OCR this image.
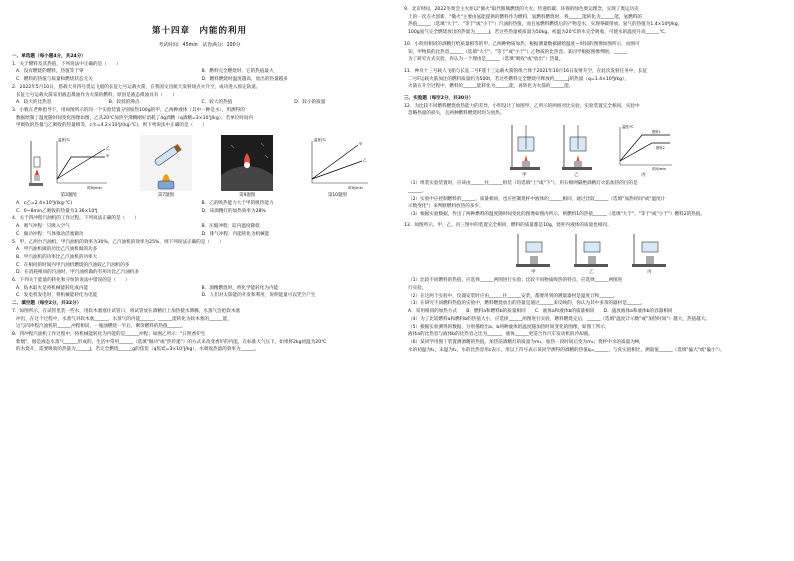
第十四章　内能的利用
考试时间：45min　试卷满分：100分
一、单选题（每小题4分，共24分）
1．关于燃料及其热值，下列说法中正确的是（　　）
A．没有燃烧的燃料，热值等于零	B．燃料完全燃烧时，它的热值最大
C．燃料的热值与质量和燃烧状态无关	D．燃料燃烧时温度越高，放出的热量越多
2．2022年5月10日，搭载天舟四号货运飞船的长征七号运载火箭，在我国文昌航天发射场点火升空，成功进入预定轨道。
长征七号运载火箭采用液态煤油作为火箭的燃料，原因是液态煤油具有（　　）
A．较大的比热容	B．较低的沸点	C．较大的热值	D．较小的质量
3．小帆在老师指导下，用如图所示的同一个实验装置分别加热100g的甲、乙两种液体（其中一种是水），用测得的
数据绘制了温度随时间变化图像如图，乙从20℃加热至沸腾刚好消耗了4g酒精（q酒精=3×10⁷J/kg）。若单位时间内
甲吸收的热量与乙吸收的热量相等，c水=4.2×10³J/(kg·℃)，则下列说法中正确的是（　　）
温度/℃
时间/min
甲
乙
第3题图	第7题图	第9题图
温度/℃
时间/min
甲
乙
第10题图
A．c乙=2.4×10³J/(kg·℃)	B．乙的吸热能力大于甲的吸热能力
C．0~8min乙吸收的热量为3.36×10⁴J	D．该酒精灯的加热效率为28%
4．关于四冲程汽油机的工作过程，下列说法正确的是（　　）
A．吸气冲程：只吸入空气	B．压缩冲程：缸内温度降低
C．做功冲程：气体推动活塞做功	D．排气冲程：内能转化为机械能
5．甲、乙两台汽油机，甲汽油机的效率为30%，乙汽油机的效率为25%，则下列说法正确的是（　　）
A．甲汽油机做的功比乙汽油机做的功多
B．甲汽油机的功率比乙汽油机的功率大
C．在相同的时间内甲汽油机燃烧的汽油较乙汽油机的多
D．在消耗相同的汽油时，甲汽油机做的有用功比乙汽油机多
6．下列关于能量的转化和守恒的说法中错误的是（　　）
A．钻木取火是将机械能转化成内能	B．酒精燃烧时，将化学能转化为内能
C．发电机发电时，将机械能转化为电能	D．人们对太阳能的开发和利用，说明能量可以凭空产生
二、填空题（每空2分，共32分）
7．如图所示，在试管里装一些水，用软木塞塞住试管口，将试管放在酒精灯上加热使水沸腾，水蒸气会把软木塞
冲出，在这个过程中，水蒸气对软木塞______，水蒸气的内能______，______能转化为软木塞的______能，
这与四冲程汽油机的______冲程相同，一瓶油燃烧一半后，剩余燃料的热值______。
8．四冲程汽油机工作过程中，将机械能转化为内能的是______冲程；如图乙所示："日照香炉生
紫烟"，烟是液态水蒸气______形成的，生活中常用______（选填"做功"或"热传递"）的方式来改变香炉的内能，在标准大气压下，如果将2kg初温为20℃
的水烧开，需要吸收的热量为______J，若完全燃烧______g的焦炭（q焦炭=3×10⁷J/kg），水吸收热量的效率为______。
9．北京时间，2022冬奥会主火炬以"微火"取代熊熊燃烧的大火，传递低碳、环保的绿色奥运理念，实现了奥运历史
上的一次点火创新，"微火"主要由氢能提供的燃料作为燃料，氢燃料燃烧时，将______能转化为______能，氢燃料的
热值______（选填"大于"、"等于"或"小于"）汽油的热值，而且氢燃料燃烧后的产物是水，实现零碳排放。氢气的热值为1.4×10⁸J/kg，
100g氢气完全燃烧放出的热量为______J，若这些热量被质量为50kg、初温为20℃的水完全吸收，可使水的温度升高______℃。
10．小明用相同的酒精灯给质量相等的甲、乙两种物质加热，根据测量数据描绘温度—时间的图像如图所示，由图可
知，甲物质的比热容______（选填"大于"、"等于"或"小于"）乙物质的比热容。某同学根据图像判断，______
为了研究方式实验，你认为一个理由是______（选填"吸收"或"放出"）热量。
11．神舟十三号载人飞船与长征二号F遥十三运载火箭的组合体于2021年10月16日发射升空，在此次发射任务中，长征
二号F运载火箭加注的燃料质量约为500t，若这些燃料完全燃烧可释放约______J的热量（q=1.4×10⁸J/kg），
火箭在升空过程中，燃料的______能转化为______能，再转化为火箭的______能。
三、实验题（每空2分，共30分）
12．为比较不同燃料燃烧放热能力的差异，小明设计了如图甲、乙所示的两组对比实验，实验装置完全相同，实验中
忽略热量的损失，且两种燃料燃烧时均匀放热。
甲	乙
温度/℃
时间/min
燃料1
燃料2
丙
（1）组装实验装置时，应该由______往______组装（均选填"上"或"下"），用石棉网隔绝酒精灯火焰加热的目的是
______。
（2）实验中应控制燃料的______、质量相同，也应控制烧杯中液体的______相同，通过比较______（选填"加热时间"或"温度计
示数变化"）来判断燃料放热的多少。
（3）根据实验数据，作出了两种燃料的温度随时间变化的图像如图丙所示，则燃料1的热值______（选填"大于"、"等于"或"小于"）燃料2的热值。
13．如图所示，甲、乙、丙三图中的装置完全相同，燃料的质量都是10g，烧杯内液体的质量也相同。
甲	乙	丙
（1）比较不同燃料的热值，应选择______两图进行实验；比较不同物质吸热的特点，应选择______两图进
行实验。
（2）在这两个实验中，仪器安装时应由______往______安装，都要用到的测量器材是温度计和______。
（3）在研究不同燃料热值的实验中，燃料燃烧放出的热量是通过______来反映的，你认为其中多余的器材是______。
A．采用相同的加热方式　　B．燃料a和燃料b的质量相同　　C．液体a和液体b的质量相同　　D．盛放液体a和液体b的容器相同
（4）为了比较燃料a和燃料b的热值大小，应选择______两图进行实验，燃料燃烧完后，______（选填"温度计示数"或"加热时间"）越大，热值越大。
（5）根据实验测得的数据，分别描绘出a、b两种液体的温度随加热时间变化的图像，如图丁所示，
液体a的比热容与液体b的比热容之比为______，液体______更适合作汽车发动机的冷却液。
（6）某同学用图丁装置测酒精的热值。加热前酒精灯的质量为m₁，加热一段时间后变为m₂；烧杯中水的质量为M，
水的初温为t₁，末温为t₂，水的比热容用c表示，用以上符号表示该同学测得的酒精的热值q=______，与真实值相比，测量值______（选填"偏大"或"偏小"）。
